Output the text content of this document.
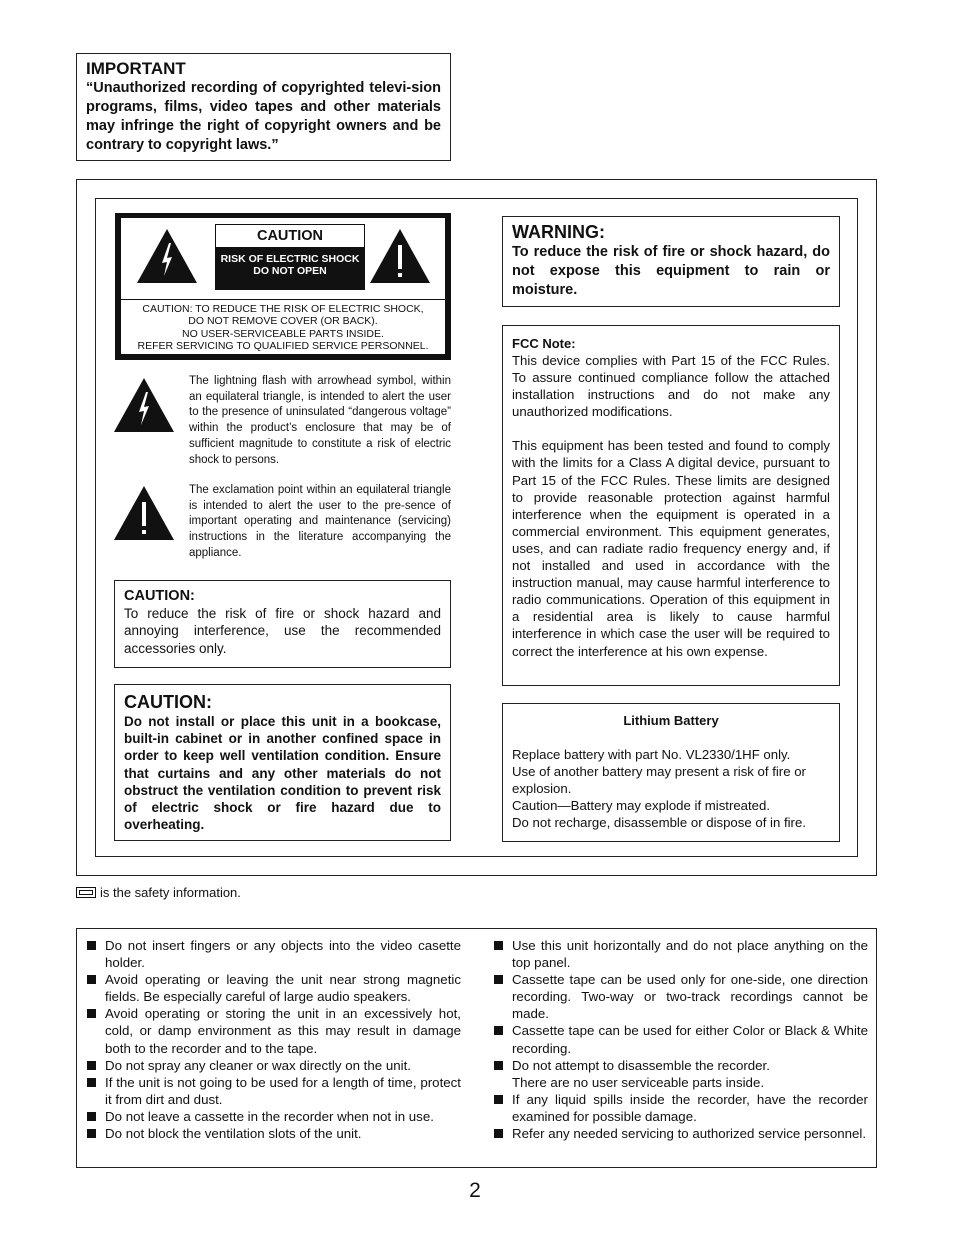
IMPORTANT
“Unauthorized recording of copyrighted televi-sion programs, films, video tapes and other materials may infringe the right of copyright owners and be contrary to copyright laws.”
CAUTION
RISK OF ELECTRIC SHOCK
DO NOT OPEN
CAUTION: TO REDUCE THE RISK OF ELECTRIC SHOCK,
DO NOT REMOVE COVER (OR BACK).
NO USER-SERVICEABLE PARTS INSIDE.
REFER SERVICING TO QUALIFIED SERVICE PERSONNEL.
The lightning flash with arrowhead symbol, within an equilateral triangle, is intended to alert the user to the presence of uninsulated “dangerous voltage” within the product’s enclosure that may be of sufficient magnitude to constitute a risk of electric shock to persons.
The exclamation point within an equilateral triangle is intended to alert the user to the pre-sence of important operating and maintenance (servicing) instructions in the literature accompanying the appliance.
CAUTION:
To reduce the risk of fire or shock hazard and annoying interference, use the recommended accessories only.
CAUTION:
Do not install or place this unit in a bookcase, built-in cabinet or in another confined space in order to keep well ventilation condition. Ensure that curtains and any other materials do not obstruct the ventilation condition to prevent risk of electric shock or fire hazard due to overheating.
WARNING:
To reduce the risk of fire or shock hazard, do not expose this equipment to rain or moisture.
FCC Note:
This device complies with Part 15 of the FCC Rules. To assure continued compliance follow the attached installation instructions and do not make any unauthorized modifications.
This equipment has been tested and found to comply with the limits for a Class A digital device, pursuant to Part 15 of the FCC Rules. These limits are designed to provide reasonable protection against harmful interference when the equipment is operated in a commercial environment. This equipment generates, uses, and can radiate radio frequency energy and, if not installed and used in accordance with the instruction manual, may cause harmful interference to radio communications. Operation of this equipment in a residential area is likely to cause harmful interference in which case the user will be required to correct the interference at his own expense.
Lithium Battery
Replace battery with part No. VL2330/1HF only.
Use of another battery may present a risk of fire or explosion.
Caution—Battery may explode if mistreated.
Do not recharge, disassemble or dispose of in fire.
is the safety information.
Do not insert fingers or any objects into the video casette holder.
Avoid operating or leaving the unit near strong magnetic fields. Be especially careful of large audio speakers.
Avoid operating or storing the unit in an excessively hot, cold, or damp environment as this may result in damage both to the recorder and to the tape.
Do not spray any cleaner or wax directly on the unit.
If the unit is not going to be used for a length of time, protect it from dirt and dust.
Do not leave a cassette in the recorder when not in use.
Do not block the ventilation slots of the unit.
Use this unit horizontally and do not place anything on the top panel.
Cassette tape can be used only for one-side, one direction recording. Two-way or two-track recordings cannot be made.
Cassette tape can be used for either Color or Black & White recording.
Do not attempt to disassemble the recorder.
There are no user serviceable parts inside.
If any liquid spills inside the recorder, have the recorder examined for possible damage.
Refer any needed servicing to authorized service personnel.
2
